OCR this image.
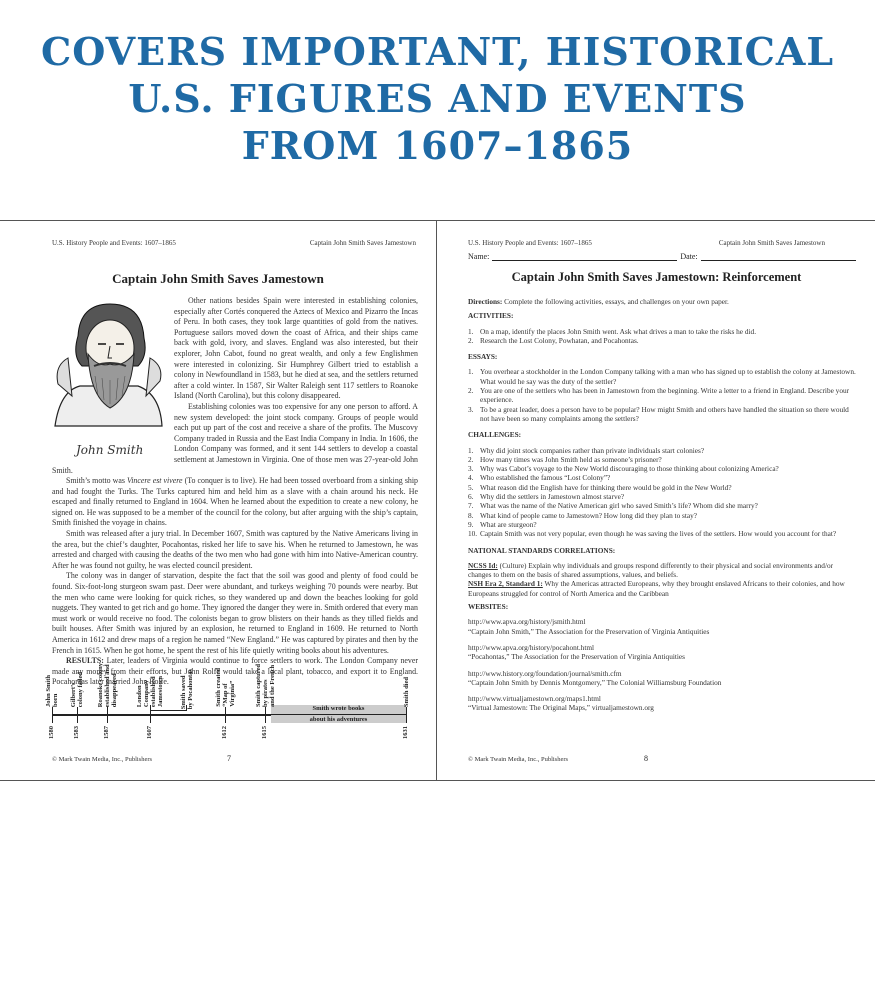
COVERS IMPORTANT, HISTORICAL
U.S. FIGURES AND EVENTS
FROM 1607–1865
U.S. History People and Events: 1607–1865	Captain John Smith Saves Jamestown
Captain John Smith Saves Jamestown
John Smith

Other nations besides Spain were interested in establishing colonies, especially after Cortés conquered the Aztecs of Mexico and Pizarro the Incas of Peru. In both cases, they took large quantities of gold from the natives. Portuguese sailors moved down the coast of Africa, and their ships came back with gold, ivory, and slaves. England was also interested, but their explorer, John Cabot, found no great wealth, and only a few Englishmen were interested in colonizing. Sir Humphrey Gilbert tried to establish a colony in Newfoundland in 1583, but he died at sea, and the settlers returned after a cold winter. In 1587, Sir Walter Raleigh sent 117 settlers to Roanoke Island (North Carolina), but this colony disappeared.

Establishing colonies was too expensive for any one person to afford. A new system developed: the joint stock company. Groups of people would each put up part of the cost and receive a share of the profits. The Muscovy Company traded in Russia and the East India Company in India. In 1606, the London Company was formed, and it sent 144 settlers to develop a coastal settlement at Jamestown in Virginia. One of those men was 27-year-old John Smith.

Smith’s motto was Vincere est vivere (To conquer is to live). He had been tossed overboard from a sinking ship and had fought the Turks. The Turks captured him and held him as a slave with a chain around his neck. He escaped and finally returned to England in 1604. When he learned about the expedition to create a new colony, he signed on. He was supposed to be a member of the council for the colony, but after arguing with the ship’s captain, Smith finished the voyage in chains.

Smith was released after a jury trial. In December 1607, Smith was captured by the Native Americans living in the area, but the chief’s daughter, Pocahontas, risked her life to save his. When he returned to Jamestown, he was arrested and charged with causing the deaths of the two men who had gone with him into Native-American country. After he was found not guilty, he was elected council president.

The colony was in danger of starvation, despite the fact that the soil was good and plenty of food could be found. Six-foot-long sturgeon swam past. Deer were abundant, and turkeys weighing 70 pounds were nearby. But the men who came were looking for quick riches, so they wandered up and down the beaches looking for gold nuggets. They wanted to get rich and go home. They ignored the danger they were in. Smith ordered that every man must work or would receive no food. The colonists began to grow blisters on their hands as they tilled fields and built houses. After Smith was injured by an explosion, he returned to England in 1609. He returned to North America in 1612 and drew maps of a region he named “New England.” He was captured by pirates and then by the French in 1615. When he got home, he spent the rest of his life quietly writing books about his adventures.

RESULTS: Later, leaders of Virginia would continue to force settlers to work. The London Company never made any money from their efforts, but John Rolfe would take a local plant, tobacco, and export it to England. Pocahontas later married John Rolfe.

Smith wrote books
about his adventures
1580
John Smith
born
1583
Gilbert’s
colony failed
1587
Roanoke colony
established and
disappeared
1607
London
Company
established
Jamestown Smith saved
by Pocahontas
1612
Smith created
“Map of
Virginia”
1615
Smith captured
by pirates
and the French
1631
Smith died
© Mark Twain Media, Inc., Publishers	7
U.S. History People and Events: 1607–1865	Captain John Smith Saves Jamestown
Name:	Date:
Captain John Smith Saves Jamestown: Reinforcement
Directions: Complete the following activities, essays, and challenges on your own paper.
ACTIVITIES:
1. On a map, identify the places John Smith went. Ask what drives a man to take the risks he did.
2. Research the Lost Colony, Powhatan, and Pocahontas.
ESSAYS:
1. You overhear a stockholder in the London Company talking with a man who has signed up to establish the colony at Jamestown. What would he say was the duty of the settler?
2. You are one of the settlers who has been in Jamestown from the beginning. Write a letter to a friend in England. Describe your experience.
3. To be a great leader, does a person have to be popular? How might Smith and others have handled the situation so there would not have been so many complaints among the settlers?
CHALLENGES:
1. Why did joint stock companies rather than private individuals start colonies?
2. How many times was John Smith held as someone’s prisoner?
3. Why was Cabot’s voyage to the New World discouraging to those thinking about colonizing America?
4. Who established the famous “Lost Colony”?
5. What reason did the English have for thinking there would be gold in the New World?
6. Why did the settlers in Jamestown almost starve?
7. What was the name of the Native American girl who saved Smith’s life? Whom did she marry?
8. What kind of people came to Jamestown? How long did they plan to stay?
9. What are sturgeon?
10. Captain Smith was not very popular, even though he was saving the lives of the settlers. How would you account for that?
NATIONAL STANDARDS CORRELATIONS:
NCSS Id: (Culture) Explain why individuals and groups respond differently to their physical and social environments and/or changes to them on the basis of shared assumptions, values, and beliefs.
NSH Era 2, Standard 1: Why the Americas attracted Europeans, why they brought enslaved Africans to their colonies, and how Europeans struggled for control of North America and the Caribbean
WEBSITES:
http://www.apva.org/history/jsmith.html
“Captain John Smith,” The Association for the Preservation of Virginia Antiquities
http://www.apva.org/history/pocahont.html
“Pocahontas,” The Association for the Preservation of Virginia Antiquities
http://www.history.org/foundation/journal/smith.cfm
“Captain John Smith by Dennis Montgomery,” The Colonial Williamsburg Foundation
http://www.virtualjamestown.org/maps1.html
“Virtual Jamestown: The Original Maps,” virtualjamestown.org
© Mark Twain Media, Inc., Publishers	8
